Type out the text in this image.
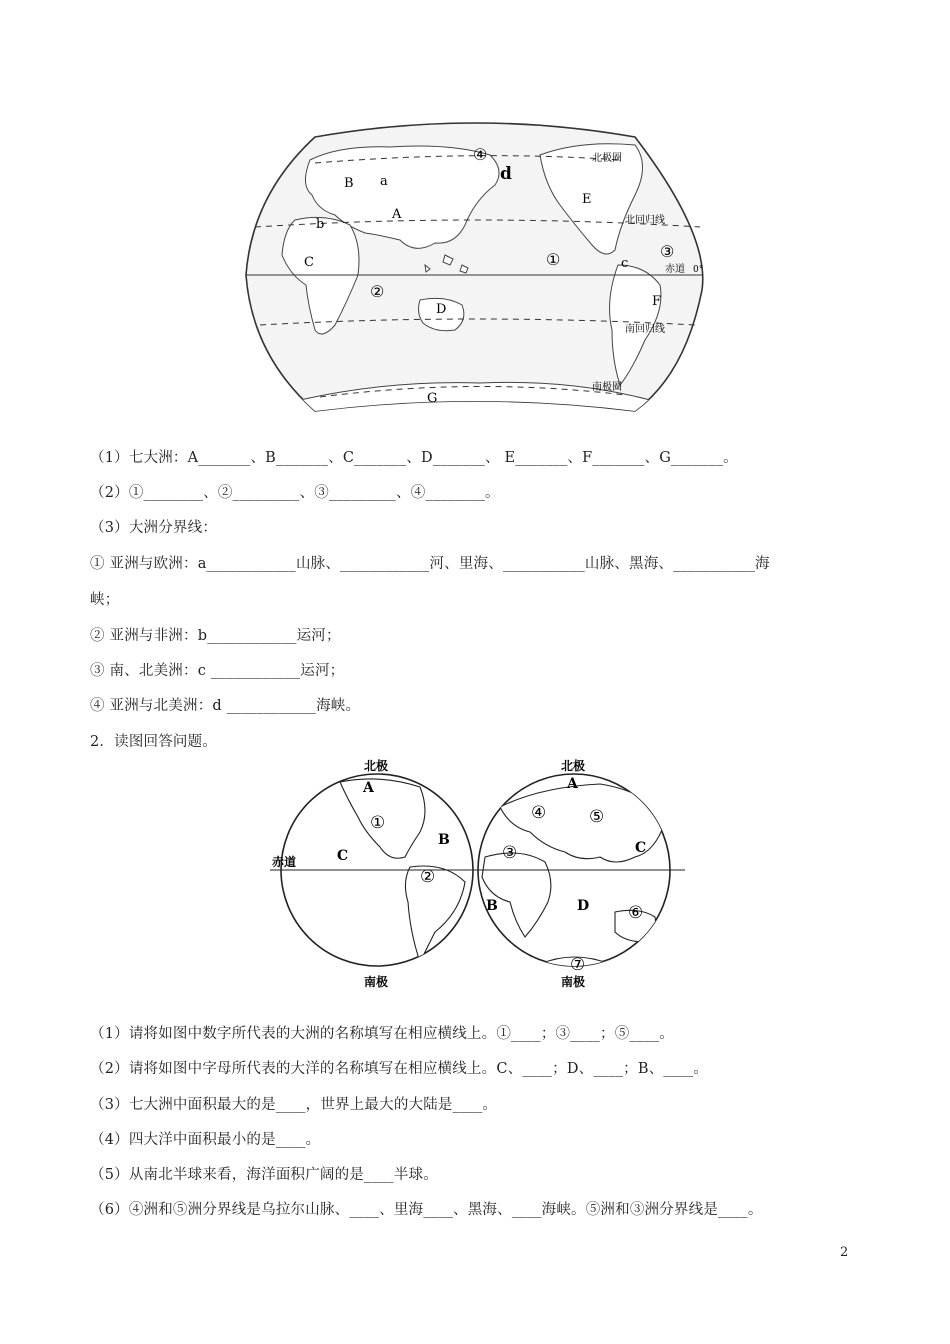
北极圈
北回归线
赤道 0°
南回归线
南极圈
A
B
C
D
E
F
G
a
b
c
d
①
②
③
④
（1）七大洲：A_______、B_______、C_______、D_______、 E_______、F_______、G_______。
（2）①________、②_________、③_________、④________。
（3）大洲分界线：
① 亚洲与欧洲：a____________山脉、____________河、里海、___________山脉、黑海、___________海
峡；
② 亚洲与非洲：b____________运河；
③ 南、北美洲：c ____________运河；
④ 亚洲与北美洲：d ____________海峡。
2．读图回答问题。
北极	北极
南极	南极
赤道
A
B
C
①
②
A
B
C
D
③
④	⑤
⑥
⑦
（1）请将如图中数字所代表的大洲的名称填写在相应横线上。①____；③____；⑤____。
（2）请将如图中字母所代表的大洋的名称填写在相应横线上。C、____；D、____；B、____。
（3）七大洲中面积最大的是____，世界上最大的大陆是____。
（4）四大洋中面积最小的是____。
（5）从南北半球来看，海洋面积广阔的是____半球。
（6）④洲和⑤洲分界线是乌拉尔山脉、____、里海____、黑海、____海峡。⑤洲和③洲分界线是____。
2
